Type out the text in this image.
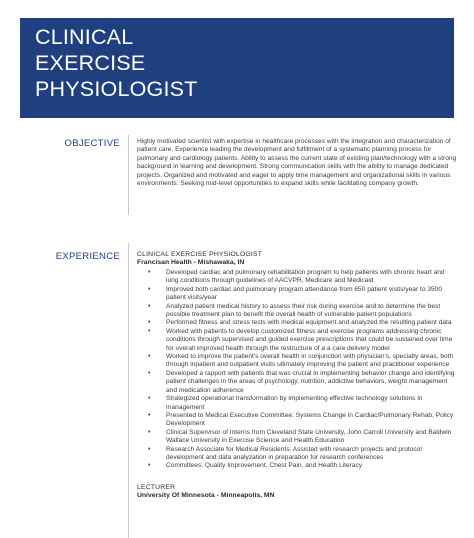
CLINICAL
EXERCISE
PHYSIOLOGIST
OBJECTIVE	Highly motivated scientist with expertise in healthcare processes with the integration and characterization of patient care. Experience leading the development and fulfillment of a systematic planning process for pulmonary and cardiology patients. Ability to assess the current state of existing plan/technology with a strong background in learning and development. Strong communication skills with the ability to manage dedicated projects. Organized and motivated and eager to apply time management and organizational skills in various environments. Seeking mid-level opportunities to expand skills while facilitating company growth.
EXPERIENCE	CLINICAL EXERCISE PHYSIOLOGIST
Francisan Health - Mishawaka, IN
• Developed cardiac and pulmonary rehabilitation program to help patients with chronic heart and lung conditions through guidelines of AACVPR, Medicare and Medicaid
• Improved both cardiac and pulmonary program attendance from 650 patient visits/year to 3500 patient visits/year
• Analyzed patient medical history to assess their risk during exercise and to determine the best possible treatment plan to benefit the overall health of vulnerable patient populations
• Performed fitness and stress tests with medical equipment and analyzed the resulting patient data
• Worked with patients to develop customized fitness and exercise programs addressing chronic conditions through supervised and guided exercise prescriptions that could be sustained over time for overall improved health through the restructure of a a care delivery model
• Worked to improve the patient's overall health in conjunction with physician's, specialty areas, both through inpatient and outpatient visits ultimately improving the patient and practitioner experience
• Developed a rapport with patients that was crucial in implementing behavior change and identifying patient challenges in the areas of psychology, nutrition, addictive behaviors, weight management and medication adherence
• Strategized operational transformation by implementing effective technology solutions in management
• Presented to Medical Executive Committee: Systems Change in Cardiac/Pulmonary Rehab, Policy Development
• Clinical Supervisor of Interns from Cleveland State University, John Carroll University and Baldwin Wallace University in Exercise Science and Health Education
• Research Associate for Medical Residents: Assisted with research projects and protocol development and data analyzation in preparation for research conferences
• Committees: Quality Improvement, Chest Pain, and Health Literacy
LECTURER
University Of Minnesota - Minneapolis, MN
